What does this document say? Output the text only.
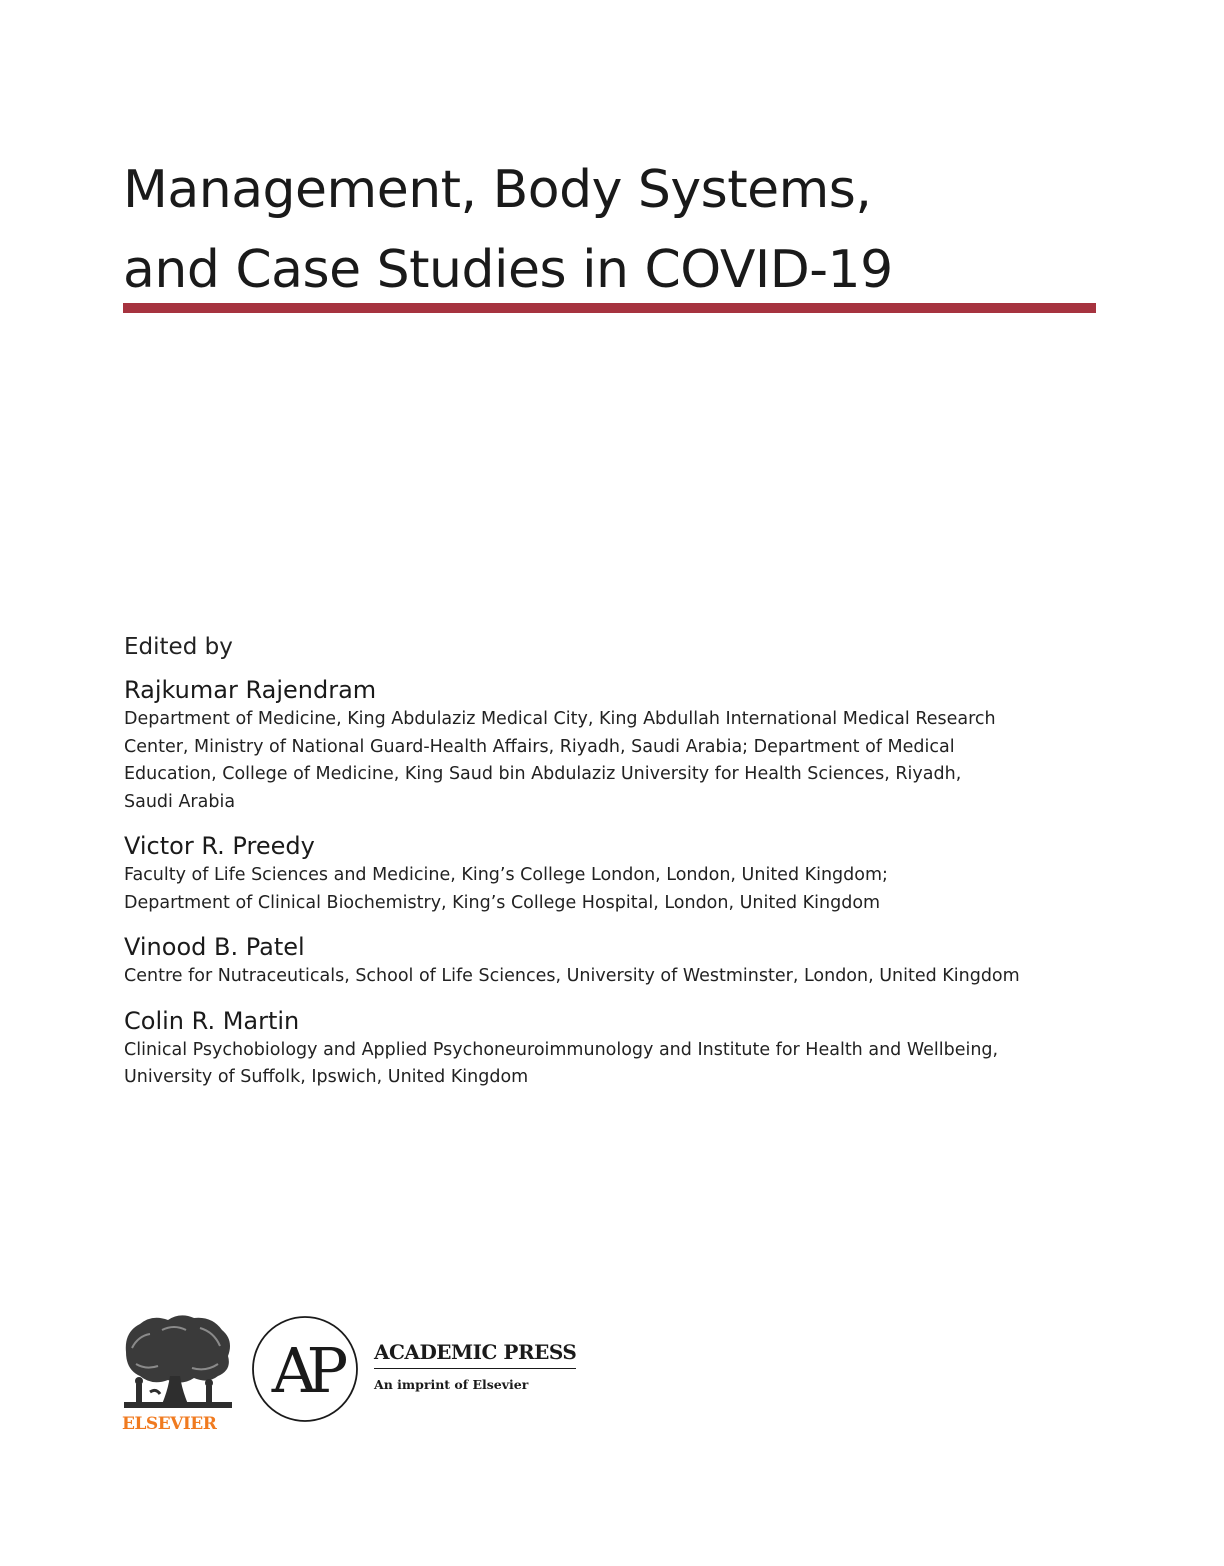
Management, Body Systems,
and Case Studies in COVID-19

Edited by

Rajkumar Rajendram

Department of Medicine, King Abdulaziz Medical City, King Abdullah International Medical Research

Center, Ministry of National Guard-Health Affairs, Riyadh, Saudi Arabia; Department of Medical

Education, College of Medicine, King Saud bin Abdulaziz University for Health Sciences, Riyadh,

Saudi Arabia

Victor R. Preedy

Faculty of Life Sciences and Medicine, King’s College London, London, United Kingdom;

Department of Clinical Biochemistry, King’s College Hospital, London, United Kingdom

Vinood B. Patel

Centre for Nutraceuticals, School of Life Sciences, University of Westminster, London, United Kingdom

Colin R. Martin

Clinical Psychobiology and Applied Psychoneuroimmunology and Institute for Health and Wellbeing,

University of Suffolk, Ipswich, United Kingdom

ELSEVIER
AP	ACADEMIC PRESS
An imprint of Elsevier
